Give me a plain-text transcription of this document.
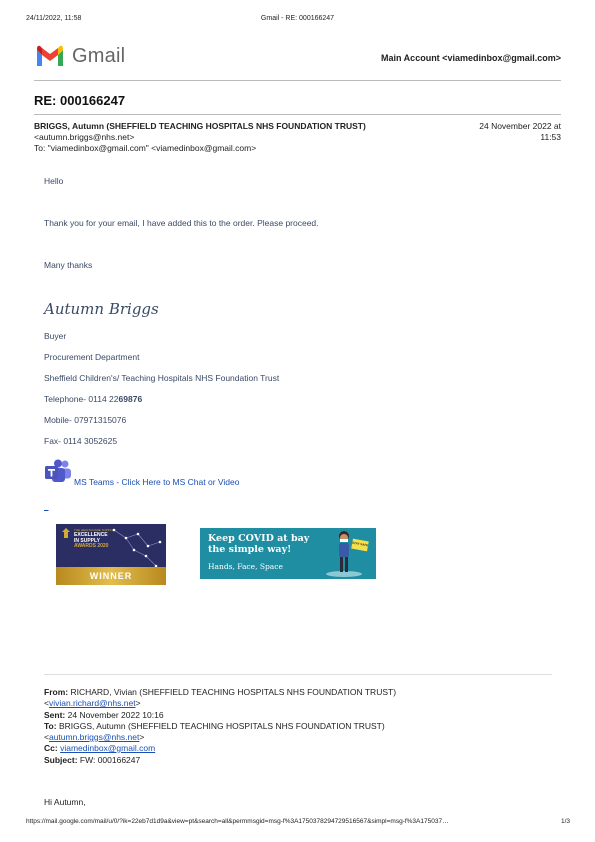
24/11/2022, 11:58	Gmail - RE: 000166247
Gmail	Main Account <viamedinbox@gmail.com>
RE: 000166247
BRIGGS, Autumn (SHEFFIELD TEACHING HOSPITALS NHS FOUNDATION TRUST)
<autumn.briggs@nhs.net>
To: "viamedinbox@gmail.com" <viamedinbox@gmail.com>
24 November 2022 at
11:53
Hello
Thank you for your email, I have added this to the order. Please proceed.
Many thanks
Autumn Briggs
Buyer
Procurement Department
Sheffield Children's/ Teaching Hospitals NHS Foundation Trust
Telephone- 0114 2269876
Mobile- 07971315076
Fax- 0114 3052625
MS Teams - Click Here to MS Chat or Video
_
THE HEALTHCARE SUPPLY
EXCELLENCE
IN SUPPLY
AWARDS 2020
WINNER
Keep COVID at bay
the simple way!
Hands, Face, Space
STAY SAFE
From: RICHARD, Vivian (SHEFFIELD TEACHING HOSPITALS NHS FOUNDATION TRUST)
<vivian.richard@nhs.net>
Sent: 24 November 2022 10:16
To: BRIGGS, Autumn (SHEFFIELD TEACHING HOSPITALS NHS FOUNDATION TRUST)
<autumn.briggs@nhs.net>
Cc: viamedinbox@gmail.com
Subject: FW: 000166247
Hi Autumn,
https://mail.google.com/mail/u/0/?ik=22eb7d1d9a&view=pt&search=all&permmsgid=msg-f%3A1750378294729516567&simpl=msg-f%3A175037…	1/3
